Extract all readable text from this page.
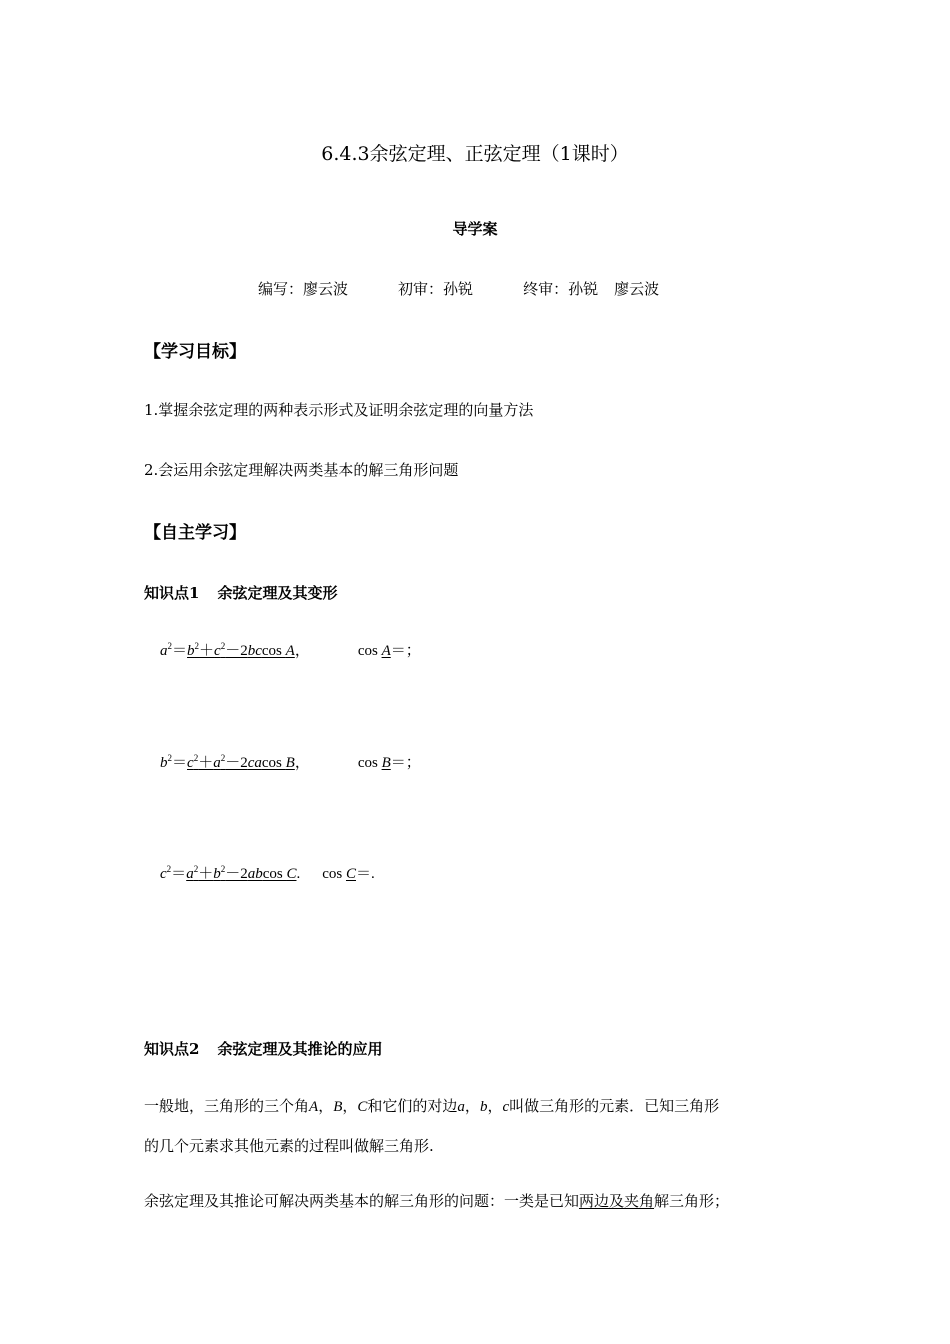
6.4.3余弦定理、正弦定理（1课时）
导学案
编写：廖云波	初审：孙锐	终审：孙锐 廖云波
【学习目标】
1.掌握余弦定理的两种表示形式及证明余弦定理的向量方法
2.会运用余弦定理解决两类基本的解三角形问题
【自主学习】
知识点1 余弦定理及其变形
$a^2=b^2+c^2-2bccos$ A，	cos A＝；
$b^2=c^2+a^2-2cacos$ B，	cos B＝；
$c^2=a^2+b^2-2abcos$ C. cos C＝.
知识点2 余弦定理及其推论的应用
一般地，三角形的三个角A，B，C和它们的对边a，b，c叫做三角形的元素．已知三角形
的几个元素求其他元素的过程叫做解三角形.
余弦定理及其推论可解决两类基本的解三角形的问题：一类是已知两边及夹角解三角形；
